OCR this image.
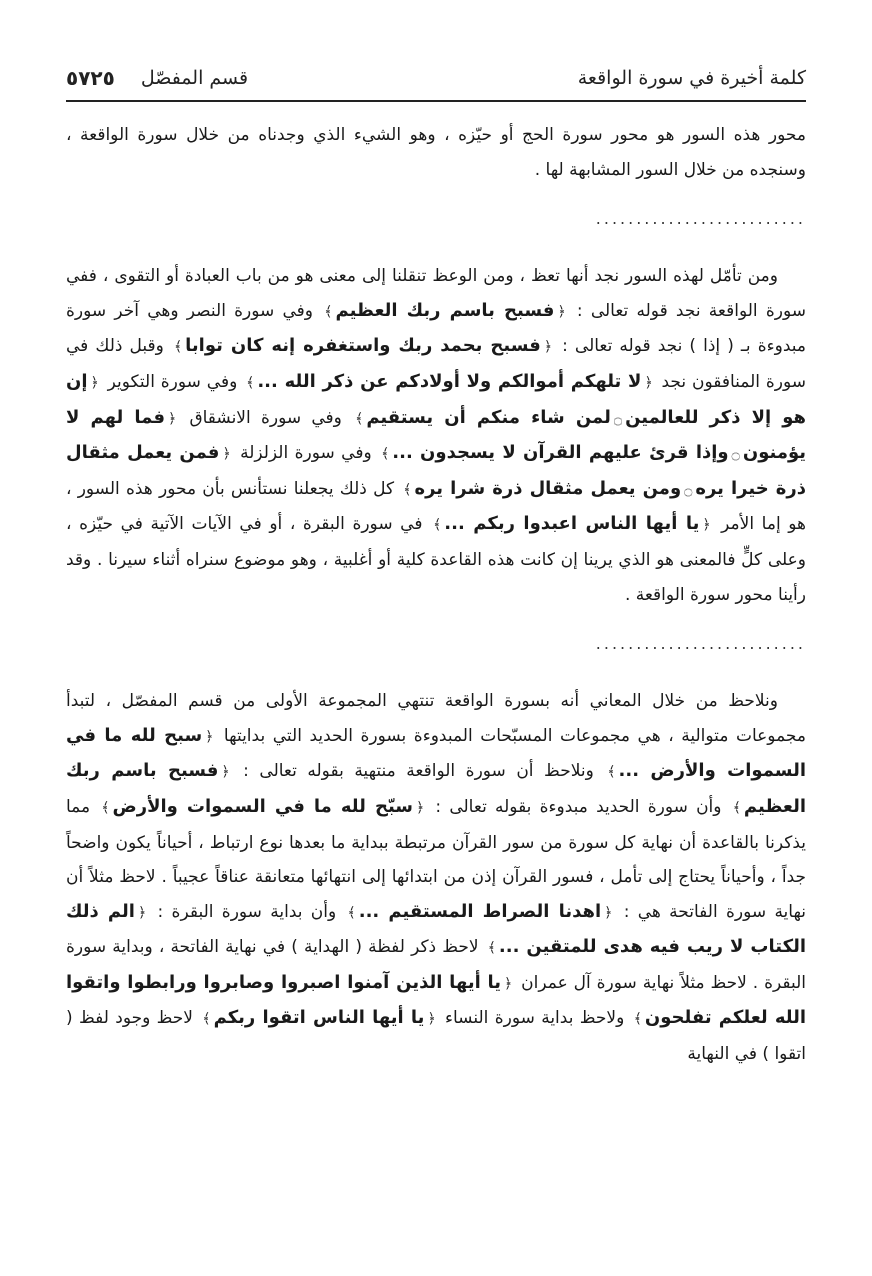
كلمة أخيرة في سورة الواقعة
قسم المفصّل
٥٧٢٥

محور هذه السور هو محور سورة الحج أو حيّزه ، وهو الشيء الذي وجدناه من خلال سورة الواقعة ، وسنجده من خلال السور المشابهة لها .

..........................

ومن تأمّل لهذه السور نجد أنها تعظ ، ومن الوعظ تنقلنا إلى معنى هو من باب العبادة أو التقوى ، ففي سورة الواقعة نجد قوله تعالى : ﴿فسبح باسم ربك العظيم﴾ وفي سورة النصر وهي آخر سورة مبدوءة بـ ( إذا ) نجد قوله تعالى : ﴿فسبح بحمد ربك واستغفره إنه كان توابا﴾ وقبل ذلك في سورة المنافقون نجد ﴿لا تلهكم أموالكم ولا أولادكم عن ذكر الله ...﴾ وفي سورة التكوير ﴿إن هو إلا ذكر للعالمين۝لمن شاء منكم أن يستقيم﴾ وفي سورة الانشقاق ﴿فما لهم لا يؤمنون۝وإذا قرئ عليهم القرآن لا يسجدون ...﴾ وفي سورة الزلزلة ﴿فمن يعمل مثقال ذرة خيرا يره۝ومن يعمل مثقال ذرة شرا يره﴾ كل ذلك يجعلنا نستأنس بأن محور هذه السور ، هو إما الأمر ﴿يا أيها الناس اعبدوا ربكم ...﴾ في سورة البقرة ، أو في الآيات الآتية في حيّزه ، وعلى كلٍّ فالمعنى هو الذي يرينا إن كانت هذه القاعدة كلية أو أغلبية ، وهو موضوع سنراه أثناء سيرنا . وقد رأينا محور سورة الواقعة .

..........................

ونلاحظ من خلال المعاني أنه بسورة الواقعة تنتهي المجموعة الأولى من قسم المفصّل ، لتبدأ مجموعات متوالية ، هي مجموعات المسبّحات المبدوءة بسورة الحديد التي بدايتها ﴿سبح لله ما في السموات والأرض ...﴾ ونلاحظ أن سورة الواقعة منتهية بقوله تعالى : ﴿فسبح باسم ربك العظيم﴾ وأن سورة الحديد مبدوءة بقوله تعالى : ﴿سبّح لله ما في السموات والأرض﴾ مما يذكرنا بالقاعدة أن نهاية كل سورة من سور القرآن مرتبطة ببداية ما بعدها نوع ارتباط ، أحياناً يكون واضحاً جداً ، وأحياناً يحتاج إلى تأمل ، فسور القرآن إذن من ابتدائها إلى انتهائها متعانقة عناقاً عجيباً . لاحظ مثلاً أن نهاية سورة الفاتحة هي : ﴿اهدنا الصراط المستقيم ...﴾ وأن بداية سورة البقرة : ﴿الم ذلك الكتاب لا ريب فيه هدى للمتقين ...﴾ لاحظ ذكر لفظة ( الهداية ) في نهاية الفاتحة ، وبداية سورة البقرة . لاحظ مثلاً نهاية سورة آل عمران ﴿يا أيها الذين آمنوا اصبروا وصابروا ورابطوا واتقوا الله لعلكم تفلحون﴾ ولاحظ بداية سورة النساء ﴿يا أيها الناس اتقوا ربكم﴾ لاحظ وجود لفظ ( اتقوا ) في النهاية
